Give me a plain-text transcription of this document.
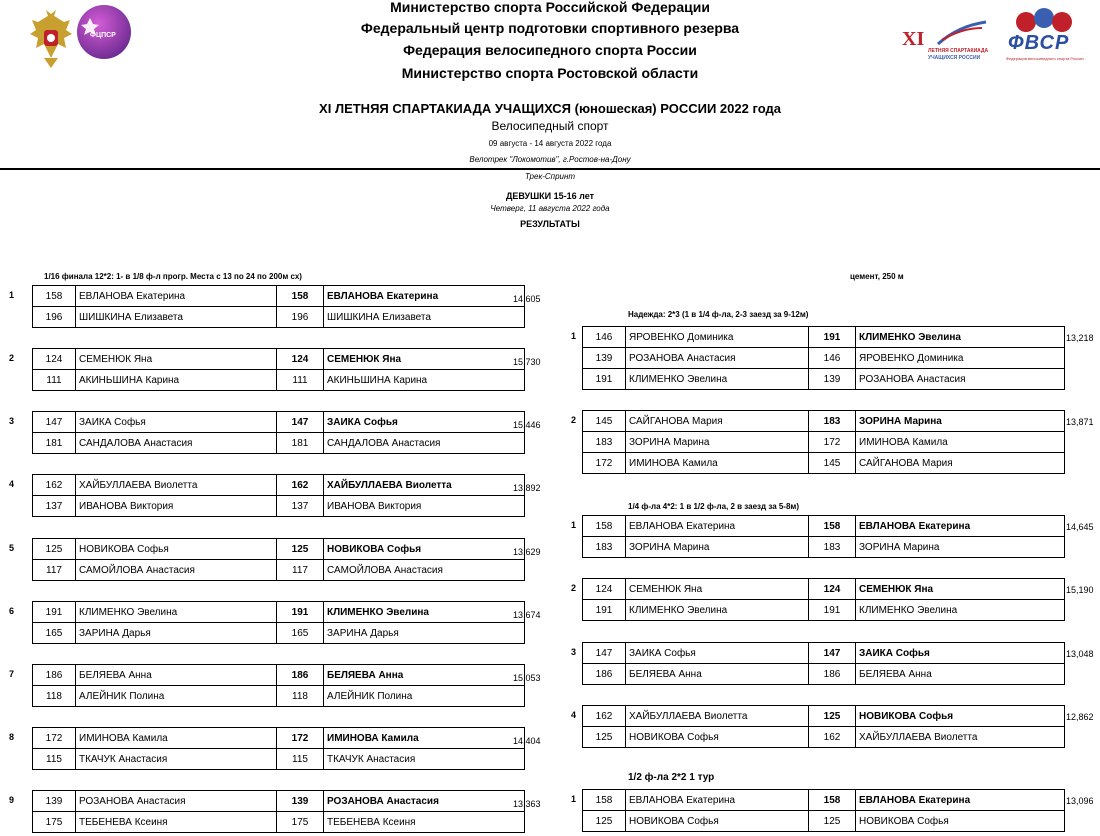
ФЦПСР	XI
ЛЕТНЯЯ СПАРТАКИАДА
УЧАЩИХСЯ РОССИИ
ФВСР
Федерация велосипедного спорта России
Министерство спорта Российской Федерации
Федеральный центр подготовки спортивного резерва
Федерация велосипедного спорта России
Министерство спорта Ростовской области
XI ЛЕТНЯЯ СПАРТАКИАДА УЧАЩИХСЯ (юношеская) РОССИИ 2022 года
Велосипедный спорт
09 августа - 14 августа 2022 года
Велотрек "Локомотив", г.Ростов-на-Дону
Трек-Спринт
ДЕВУШКИ 15-16 лет
Четверг, 11 августа 2022 года
РЕЗУЛЬТАТЫ
1/16 финала 12*2: 1- в 1/8 ф-л прогр. Места с 13 по 24 по 200м сх)	цемент, 250 м
Надежда: 2*3 (1 в 1/4 ф-ла, 2-3 заезд за 9-12м)
1/4 ф-ла 4*2: 1 в 1/2 ф-ла, 2 в заезд за 5-8м)
1/2 ф-ла 2*2 1 тур
1	158	ЕВЛАНОВА Екатерина	158	ЕВЛАНОВА Екатерина
196	ШИШКИНА Елизавета	196	ШИШКИНА Елизавета
14,605
2	124	СЕМЕНЮК Яна	124	СЕМЕНЮК Яна
111	АКИНЬШИНА Карина	111	АКИНЬШИНА Карина
15,730
3	147	ЗАИКА Софья	147	ЗАИКА Софья
181	САНДАЛОВА Анастасия	181	САНДАЛОВА Анастасия
15,446
4	162	ХАЙБУЛЛАЕВА Виолетта	162	ХАЙБУЛЛАЕВА Виолетта
137	ИВАНОВА Виктория	137	ИВАНОВА Виктория
13,892
5	125	НОВИКОВА Софья	125	НОВИКОВА Софья
117	САМОЙЛОВА Анастасия	117	САМОЙЛОВА Анастасия
13,629
6	191	КЛИМЕНКО Эвелина	191	КЛИМЕНКО Эвелина
165	ЗАРИНА Дарья	165	ЗАРИНА Дарья
13,674
7	186	БЕЛЯЕВА Анна	186	БЕЛЯЕВА Анна
118	АЛЕЙНИК Полина	118	АЛЕЙНИК Полина
15,053
8	172	ИМИНОВА Камила	172	ИМИНОВА Камила
115	ТКАЧУК Анастасия	115	ТКАЧУК Анастасия
14,404
9	139	РОЗАНОВА Анастасия	139	РОЗАНОВА Анастасия
175	ТЕБЕНЕВА Ксеиня	175	ТЕБЕНЕВА Ксеиня
13,363
1 146	ЯРОВЕНКО Доминика	191	КЛИМЕНКО Эвелина
139	РОЗАНОВА Анастасия	146	ЯРОВЕНКО Доминика
191	КЛИМЕНКО Эвелина	139	РОЗАНОВА Анастасия
13,218
2 145	САЙГАНОВА Мария	183	ЗОРИНА Марина
183	ЗОРИНА Марина	172	ИМИНОВА Камила
172	ИМИНОВА Камила	145	САЙГАНОВА Мария
13,871
1 158	ЕВЛАНОВА Екатерина	158	ЕВЛАНОВА Екатерина
183	ЗОРИНА Марина	183	ЗОРИНА Марина
14,645
2 124	СЕМЕНЮК Яна	124	СЕМЕНЮК Яна
191	КЛИМЕНКО Эвелина	191	КЛИМЕНКО Эвелина
15,190
3 147	ЗАИКА Софья	147	ЗАИКА Софья
186	БЕЛЯЕВА Анна	186	БЕЛЯЕВА Анна
13,048
4 162	ХАЙБУЛЛАЕВА Виолетта	125	НОВИКОВА Софья
125	НОВИКОВА Софья	162	ХАЙБУЛЛАЕВА Виолетта
12,862
1 158	ЕВЛАНОВА Екатерина	158	ЕВЛАНОВА Екатерина
125	НОВИКОВА Софья	125	НОВИКОВА Софья
13,096
